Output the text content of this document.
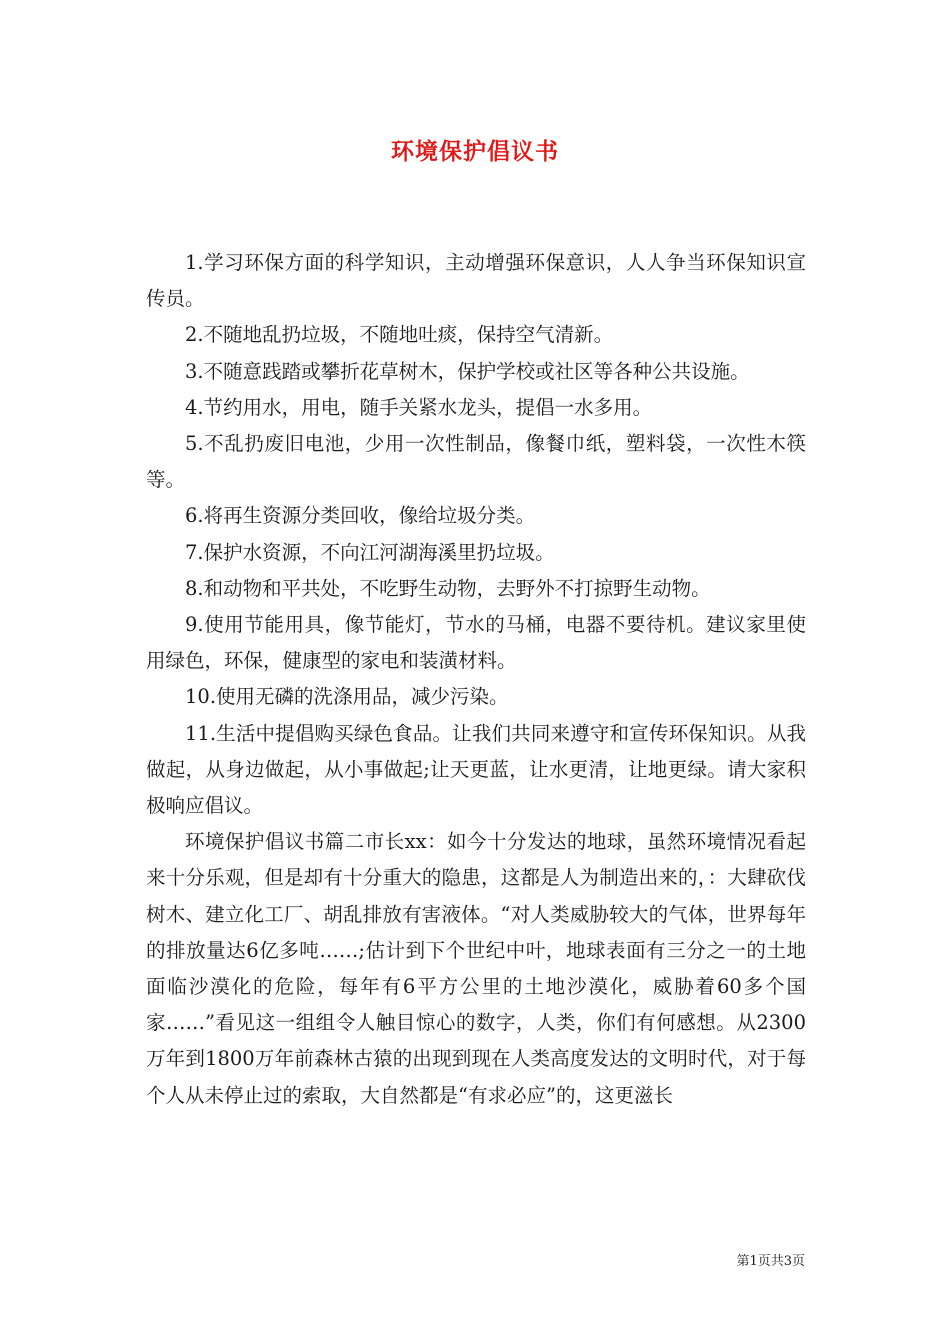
环境保护倡议书

1.学习环保方面的科学知识，主动增强环保意识，人人争当环保知识宣传员。

2.不随地乱扔垃圾，不随地吐痰，保持空气清新。

3.不随意践踏或攀折花草树木，保护学校或社区等各种公共设施。

4.节约用水，用电，随手关紧水龙头，提倡一水多用。

5.不乱扔废旧电池，少用一次性制品，像餐巾纸，塑料袋，一次性木筷等。

6.将再生资源分类回收，像给垃圾分类。

7.保护水资源，不向江河湖海溪里扔垃圾。

8.和动物和平共处，不吃野生动物，去野外不打掠野生动物。

9.使用节能用具，像节能灯，节水的马桶，电器不要待机。建议家里使用绿色，环保，健康型的家电和装潢材料。

10.使用无磷的洗涤用品，减少污染。

11.生活中提倡购买绿色食品。让我们共同来遵守和宣传环保知识。从我做起，从身边做起，从小事做起;让天更蓝，让水更清，让地更绿。请大家积极响应倡议。

环境保护倡议书篇二市长xx：如今十分发达的地球，虽然环境情况看起来十分乐观，但是却有十分重大的隐患，这都是人为制造出来的，：大肆砍伐树木、建立化工厂、胡乱排放有害液体。“对人类威胁较大的气体，世界每年的排放量达6亿多吨……;估计到下个世纪中叶，地球表面有三分之一的土地面临沙漠化的危险，每年有6平方公里的土地沙漠化，威胁着60多个国家……”看见这一组组令人触目惊心的数字，人类，你们有何感想。从2300万年到1800万年前森林古猿的出现到现在人类高度发达的文明时代，对于每个人从未停止过的索取，大自然都是“有求必应”的，这更滋长

第1页共3页
